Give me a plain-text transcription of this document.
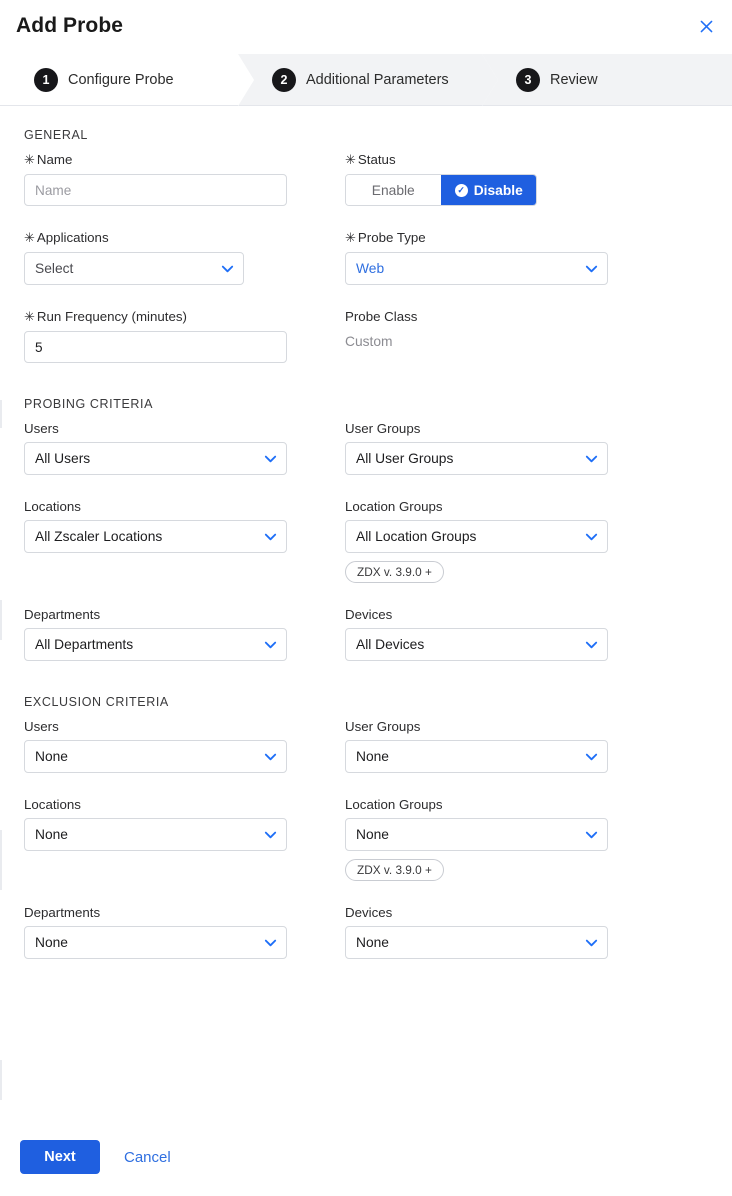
Add Probe
1	Configure Probe	2	Additional Parameters	3	Review
GENERAL
✳ Name
Name	✳ Status
Enable	✓ Disable
✳ Applications
Select
✳ Probe Type
Web
✳ Run Frequency (minutes)
5	Probe Class
Custom
PROBING CRITERIA
Users
All Users
User Groups
All User Groups
Locations
All Zscaler Locations
Location Groups
All Location Groups
ZDX v. 3.9.0 +
Departments
All Departments
Devices
All Devices
EXCLUSION CRITERIA
Users
None
User Groups
None
Locations
None
Location Groups
None
ZDX v. 3.9.0 +
Departments
None
Devices
None
Next	Cancel
